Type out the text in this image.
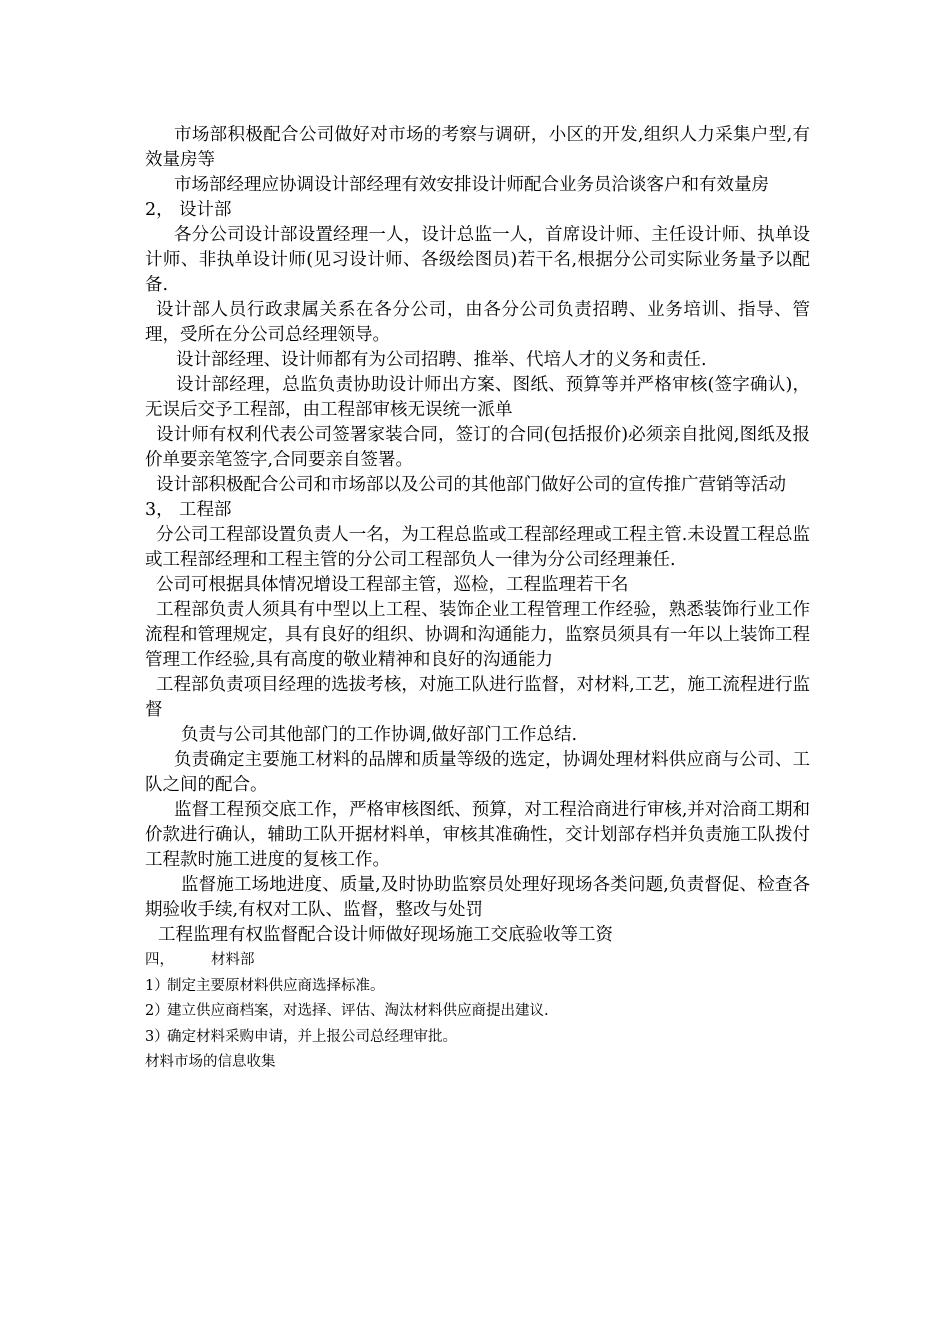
市场部积极配合公司做好对市场的考察与调研，小区的开发,组织人力采集户型,有效量房等

市场部经理应协调设计部经理有效安排设计师配合业务员洽谈客户和有效量房

2， 设计部

各分公司设计部设置经理一人，设计总监一人，首席设计师、主任设计师、执单设计师、非执单设计师(见习设计师、各级绘图员)若干名,根据分公司实际业务量予以配备.

设计部人员行政隶属关系在各分公司，由各分公司负责招聘、业务培训、指导、管理，受所在分公司总经理领导。

设计部经理、设计师都有为公司招聘、推举、代培人才的义务和责任.

设计部经理，总监负责协助设计师出方案、图纸、预算等并严格审核(签字确认)，无误后交予工程部，由工程部审核无误统一派单

设计师有权利代表公司签署家装合同，签订的合同(包括报价)必须亲自批阅,图纸及报价单要亲笔签字,合同要亲自签署。

设计部积极配合公司和市场部以及公司的其他部门做好公司的宣传推广营销等活动

3， 工程部

分公司工程部设置负责人一名，为工程总监或工程部经理或工程主管.未设置工程总监或工程部经理和工程主管的分公司工程部负人一律为分公司经理兼任.

公司可根据具体情况增设工程部主管，巡检，工程监理若干名

工程部负责人须具有中型以上工程、装饰企业工程管理工作经验，熟悉装饰行业工作流程和管理规定，具有良好的组织、协调和沟通能力，监察员须具有一年以上装饰工程管理工作经验,具有高度的敬业精神和良好的沟通能力

工程部负责项目经理的选拔考核，对施工队进行监督，对材料,工艺，施工流程进行监督

负责与公司其他部门的工作协调,做好部门工作总结.

负责确定主要施工材料的品牌和质量等级的选定，协调处理材料供应商与公司、工队之间的配合。

监督工程预交底工作，严格审核图纸、预算，对工程洽商进行审核,并对洽商工期和价款进行确认，辅助工队开据材料单，审核其准确性，交计划部存档并负责施工队拨付工程款时施工进度的复核工作。

监督施工场地进度、质量,及时协助监察员处理好现场各类问题,负责督促、检查各期验收手续,有权对工队、监督，整改与处罚

工程监理有权监督配合设计师做好现场施工交底验收等工资

四，	材料部
1）制定主要原材料供应商选择标准。
2）建立供应商档案，对选择、评估、淘汰材料供应商提出建议.
3）确定材料采购申请，并上报公司总经理审批。
材料市场的信息收集
